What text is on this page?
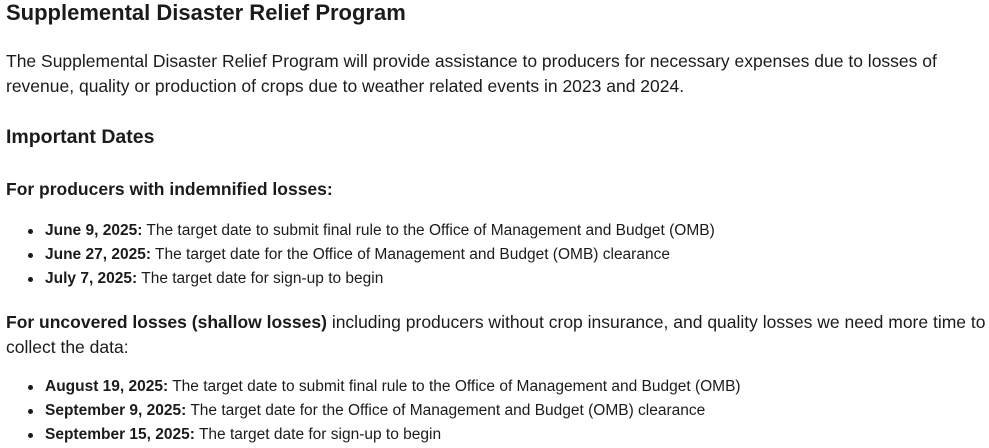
Supplemental Disaster Relief Program

The Supplemental Disaster Relief Program will provide assistance to producers for necessary expenses due to losses of revenue, quality or production of crops due to weather related events in 2023 and 2024.

Important Dates

For producers with indemnified losses:

June 9, 2025: The target date to submit final rule to the Office of Management and Budget (OMB)
June 27, 2025: The target date for the Office of Management and Budget (OMB) clearance
July 7, 2025: The target date for sign-up to begin

For uncovered losses (shallow losses) including producers without crop insurance, and quality losses we need more time to collect the data:

August 19, 2025: The target date to submit final rule to the Office of Management and Budget (OMB)
September 9, 2025: The target date for the Office of Management and Budget (OMB) clearance
September 15, 2025: The target date for sign-up to begin
